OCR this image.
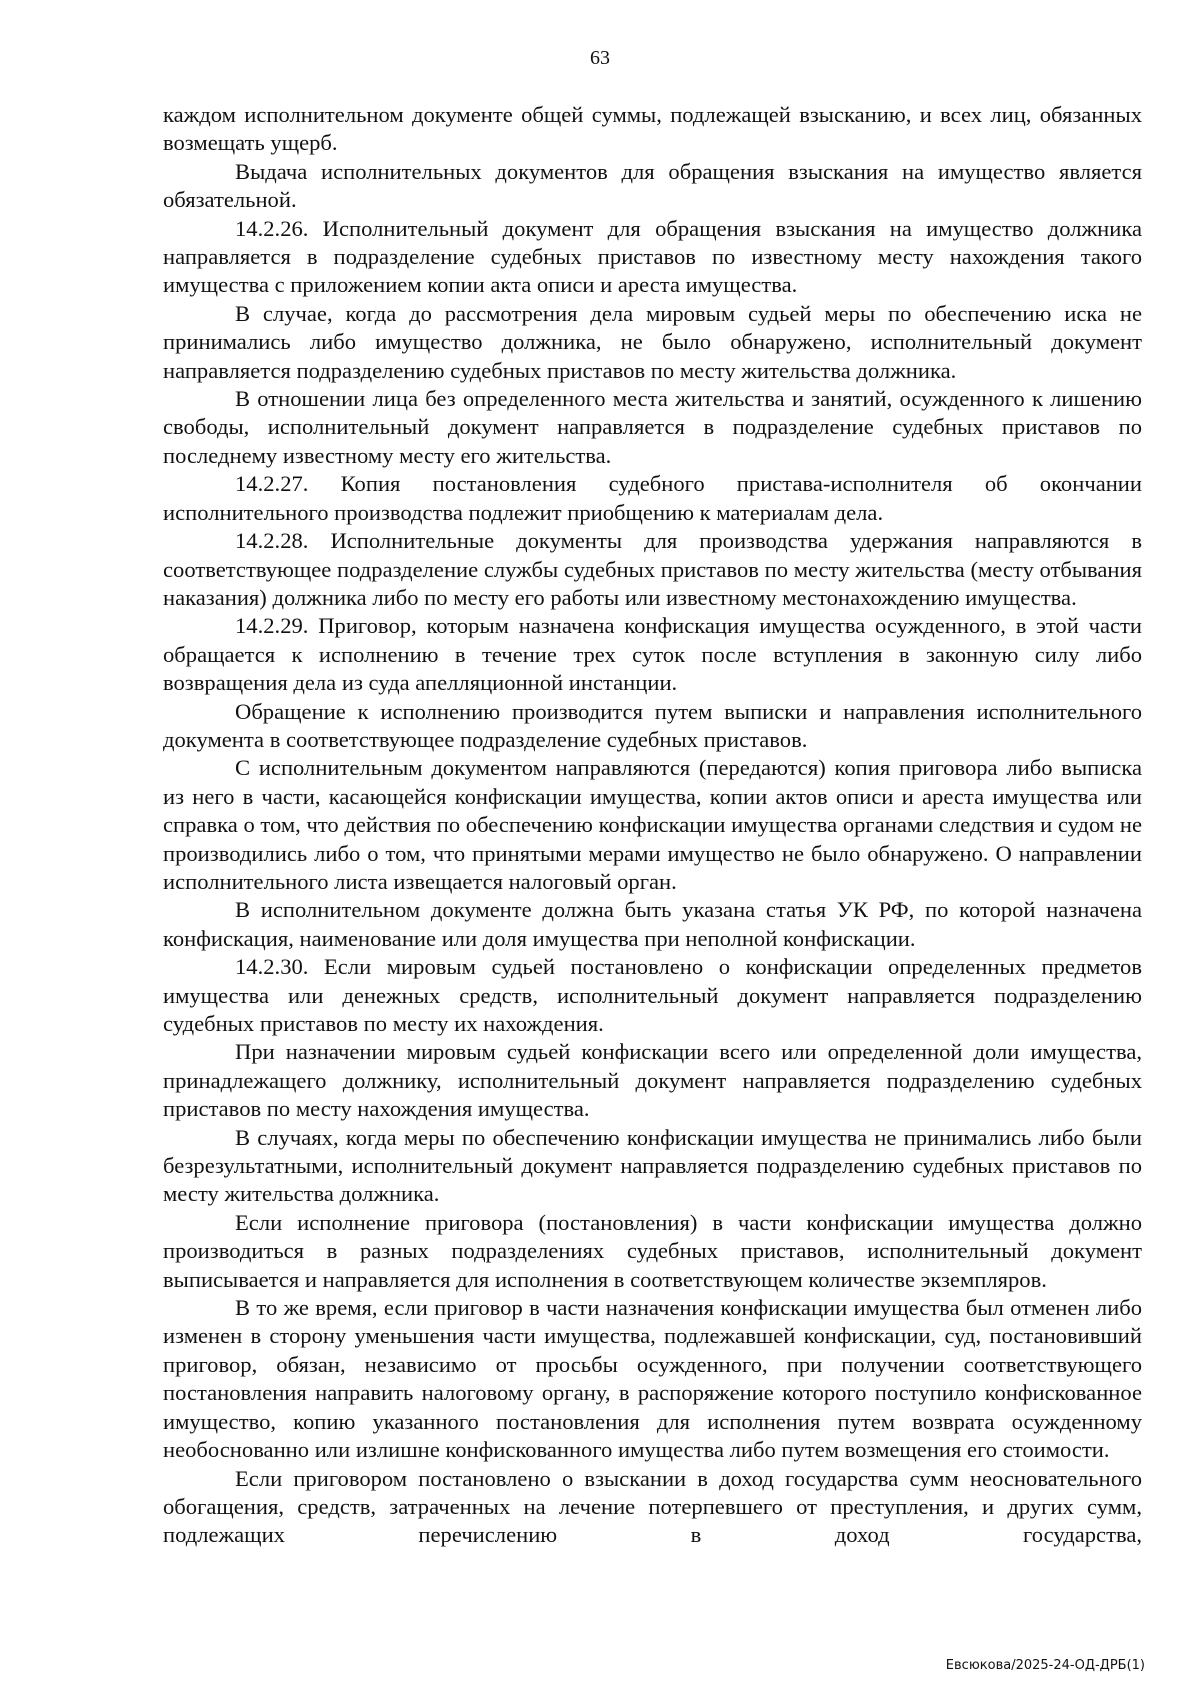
63

каждом исполнительном документе общей суммы, подлежащей взысканию, и всех лиц, обязанных возмещать ущерб.

Выдача исполнительных документов для обращения взыскания на имущество является обязательной.

14.2.26. Исполнительный документ для обращения взыскания на имущество должника направляется в подразделение судебных приставов по известному месту нахождения такого имущества с приложением копии акта описи и ареста имущества.

В случае, когда до рассмотрения дела мировым судьей меры по обеспечению иска не принимались либо имущество должника, не было обнаружено, исполнительный документ направляется подразделению судебных приставов по месту жительства должника.

В отношении лица без определенного места жительства и занятий, осужденного к лишению свободы, исполнительный документ направляется в подразделение судебных приставов по последнему известному месту его жительства.

14.2.27. Копия постановления судебного пристава-исполнителя об окончании исполнительного производства подлежит приобщению к материалам дела.

14.2.28. Исполнительные документы для производства удержания направляются в соответствующее подразделение службы судебных приставов по месту жительства (месту отбывания наказания) должника либо по месту его работы или известному местонахождению имущества.

14.2.29. Приговор, которым назначена конфискация имущества осужденного, в этой части обращается к исполнению в течение трех суток после вступления в законную силу либо возвращения дела из суда апелляционной инстанции.

Обращение к исполнению производится путем выписки и направления исполнительного документа в соответствующее подразделение судебных приставов.

С исполнительным документом направляются (передаются) копия приговора либо выписка из него в части, касающейся конфискации имущества, копии актов описи и ареста имущества или справка о том, что действия по обеспечению конфискации имущества органами следствия и судом не производились либо о том, что принятыми мерами имущество не было обнаружено. О направлении исполнительного листа извещается налоговый орган.

В исполнительном документе должна быть указана статья УК РФ, по которой назначена конфискация, наименование или доля имущества при неполной конфискации.

14.2.30. Если мировым судьей постановлено о конфискации определенных предметов имущества или денежных средств, исполнительный документ направляется подразделению судебных приставов по месту их нахождения.

При назначении мировым судьей конфискации всего или определенной доли имущества, принадлежащего должнику, исполнительный документ направляется подразделению судебных приставов по месту нахождения имущества.

В случаях, когда меры по обеспечению конфискации имущества не принимались либо были безрезультатными, исполнительный документ направляется подразделению судебных приставов по месту жительства должника.

Если исполнение приговора (постановления) в части конфискации имущества должно производиться в разных подразделениях судебных приставов, исполнительный документ выписывается и направляется для исполнения в соответствующем количестве экземпляров.

В то же время, если приговор в части назначения конфискации имущества был отменен либо изменен в сторону уменьшения части имущества, подлежавшей конфискации, суд, постановивший приговор, обязан, независимо от просьбы осужденного, при получении соответствующего постановления направить налоговому органу, в распоряжение которого поступило конфискованное имущество, копию указанного постановления для исполнения путем возврата осужденному необоснованно или излишне конфискованного имущества либо путем возмещения его стоимости.

Если приговором постановлено о взыскании в доход государства сумм неосновательного обогащения, средств, затраченных на лечение потерпевшего от преступления, и других сумм, подлежащих перечислению в доход государства,

Евсюкова/2025-24-ОД-ДРБ(1)
